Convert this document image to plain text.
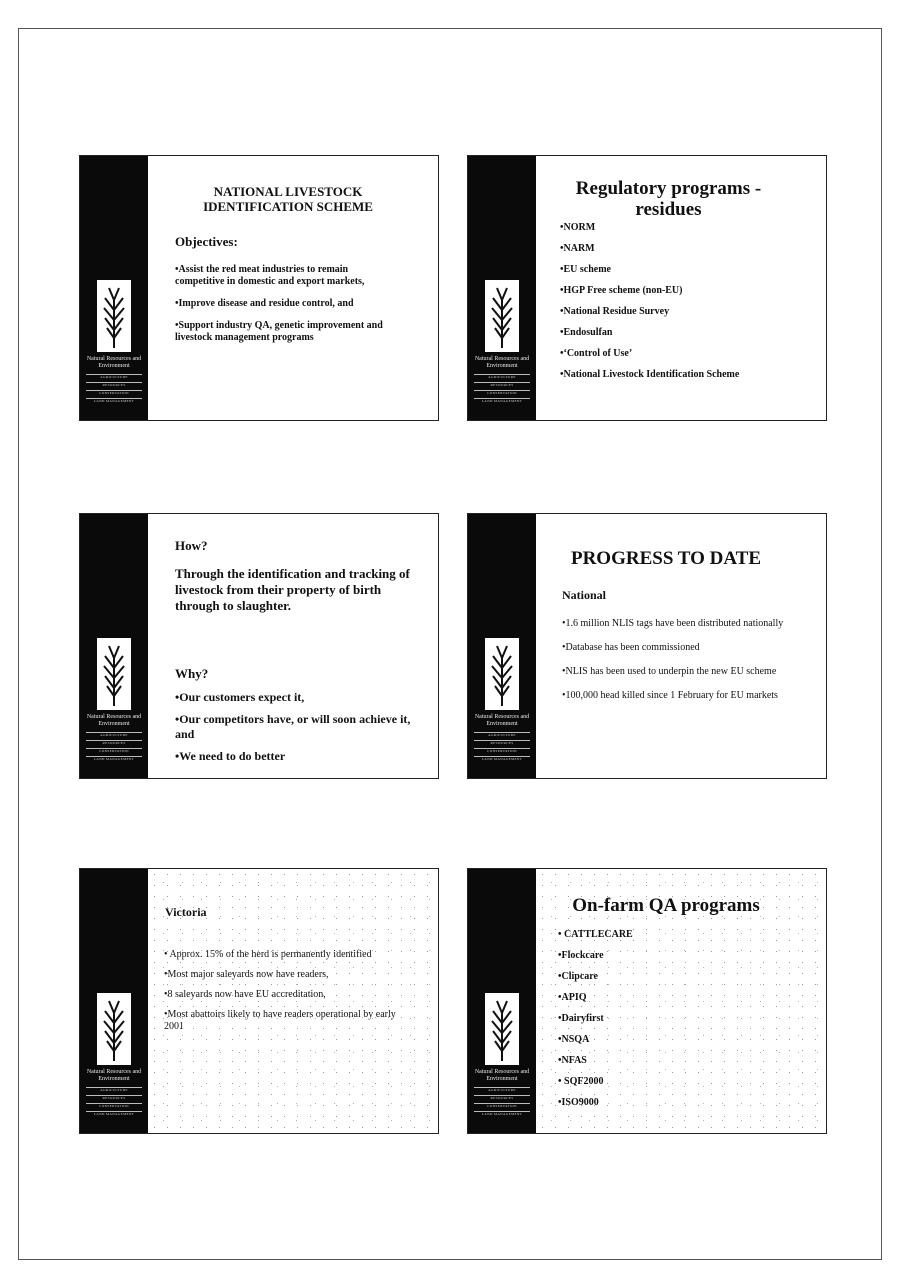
Natural Resources and Environment
AGRICULTURE
RESOURCES
CONSERVATION
LAND MANAGEMENT
NATIONAL LIVESTOCK IDENTIFICATION SCHEME
Objectives:
•Assist the red meat industries to remain competitive in domestic and export markets,
•Improve disease and residue control, and
•Support industry QA, genetic improvement and livestock management programs
Natural Resources and Environment
AGRICULTURE
RESOURCES
CONSERVATION
LAND MANAGEMENT
Regulatory programs - residues
•NORM
•NARM
•EU scheme
•HGP Free scheme (non-EU)
•National Residue Survey
•Endosulfan
•‘Control of Use’
•National Livestock Identification Scheme
Natural Resources and Environment
AGRICULTURE
RESOURCES
CONSERVATION
LAND MANAGEMENT
How?
Through the identification and tracking of livestock from their property of birth through to slaughter.
Why?
•Our customers expect it,
•Our competitors have, or will soon achieve it, and
•We need to do better
Natural Resources and Environment
AGRICULTURE
RESOURCES
CONSERVATION
LAND MANAGEMENT
PROGRESS TO DATE
National
•1.6 million NLIS tags have been distributed nationally
•Database has been commissioned
•NLIS has been used to underpin the new EU scheme
•100,000 head killed since 1 February for EU markets
Natural Resources and Environment
AGRICULTURE
RESOURCES
CONSERVATION
LAND MANAGEMENT
Victoria
• Approx. 15% of the herd is permanently identified
•Most major saleyards now have readers,
•8 saleyards now have EU accreditation,
•Most abattoirs likely to have readers operational by early 2001
Natural Resources and Environment
AGRICULTURE
RESOURCES
CONSERVATION
LAND MANAGEMENT
On-farm QA programs
• CATTLECARE
•Flockcare
•Clipcare
•APIQ
•Dairyfirst
•NSQA
•NFAS
• SQF2000
•ISO9000
